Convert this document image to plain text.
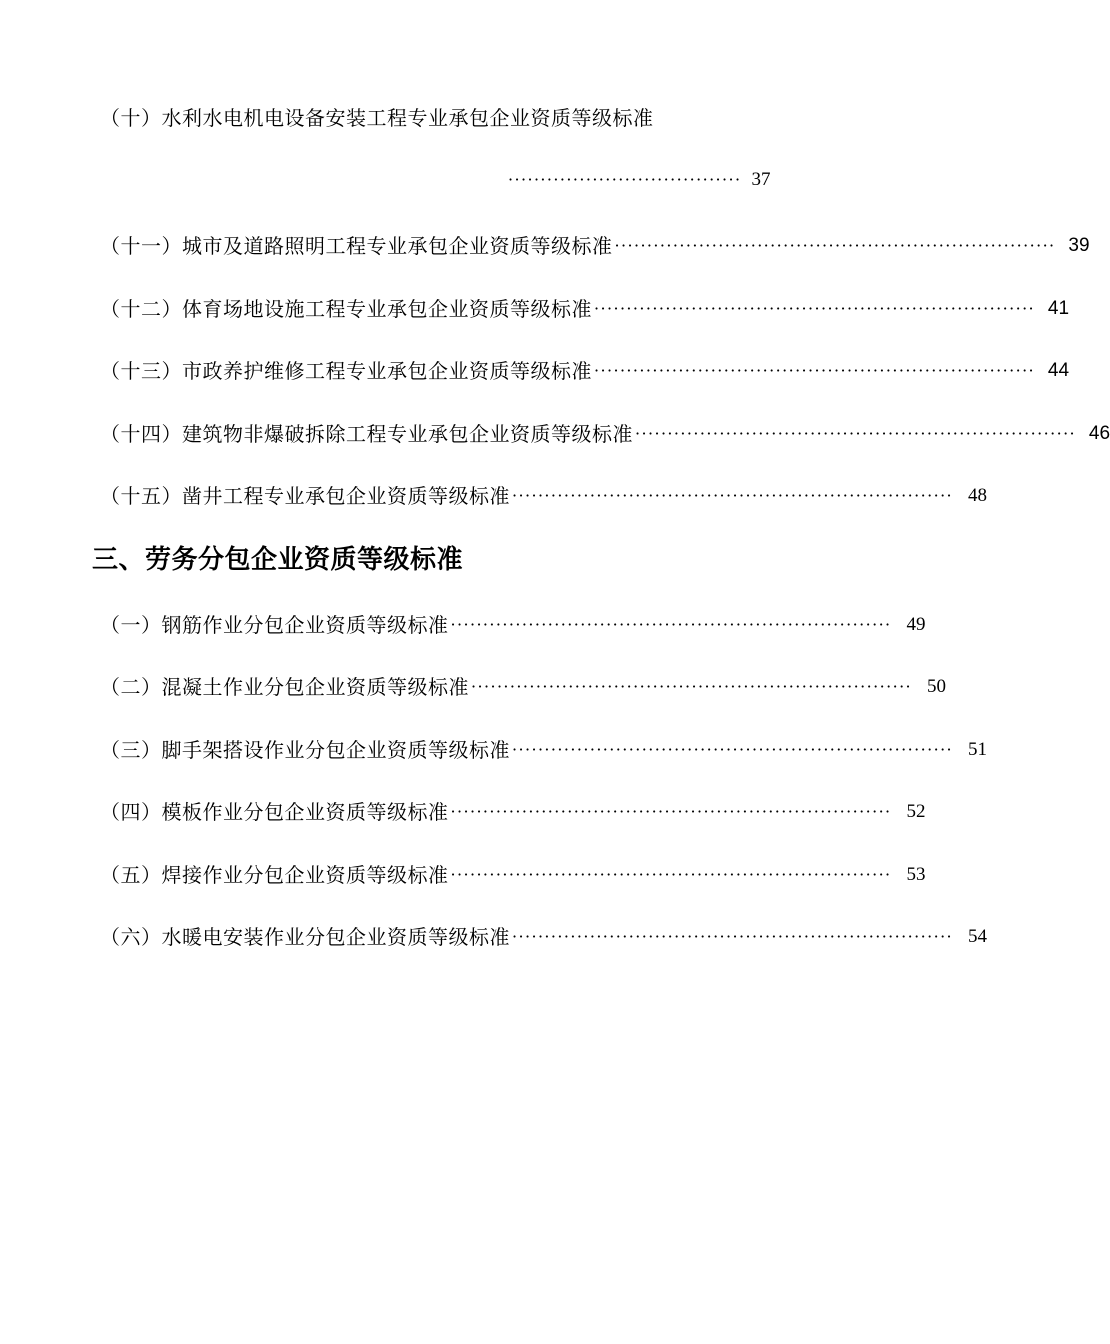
（十）水利水电机电设备安装工程专业承包企业资质等级标准
···································· 37
（十一）城市及道路照明工程专业承包企业资质等级标准 ···································································· 39
（十二）体育场地设施工程专业承包企业资质等级标准 ···································································· 41
（十三）市政养护维修工程专业承包企业资质等级标准 ···································································· 44
（十四）建筑物非爆破拆除工程专业承包企业资质等级标准 ···································································· 46
（十五）凿井工程专业承包企业资质等级标准 ···································································· 48
三、劳务分包企业资质等级标准
（一）钢筋作业分包企业资质等级标准 ···································································· 49
（二）混凝土作业分包企业资质等级标准 ···································································· 50
（三）脚手架搭设作业分包企业资质等级标准 ···································································· 51
（四）模板作业分包企业资质等级标准 ···································································· 52
（五）焊接作业分包企业资质等级标准 ···································································· 53
（六）水暖电安装作业分包企业资质等级标准 ···································································· 54
